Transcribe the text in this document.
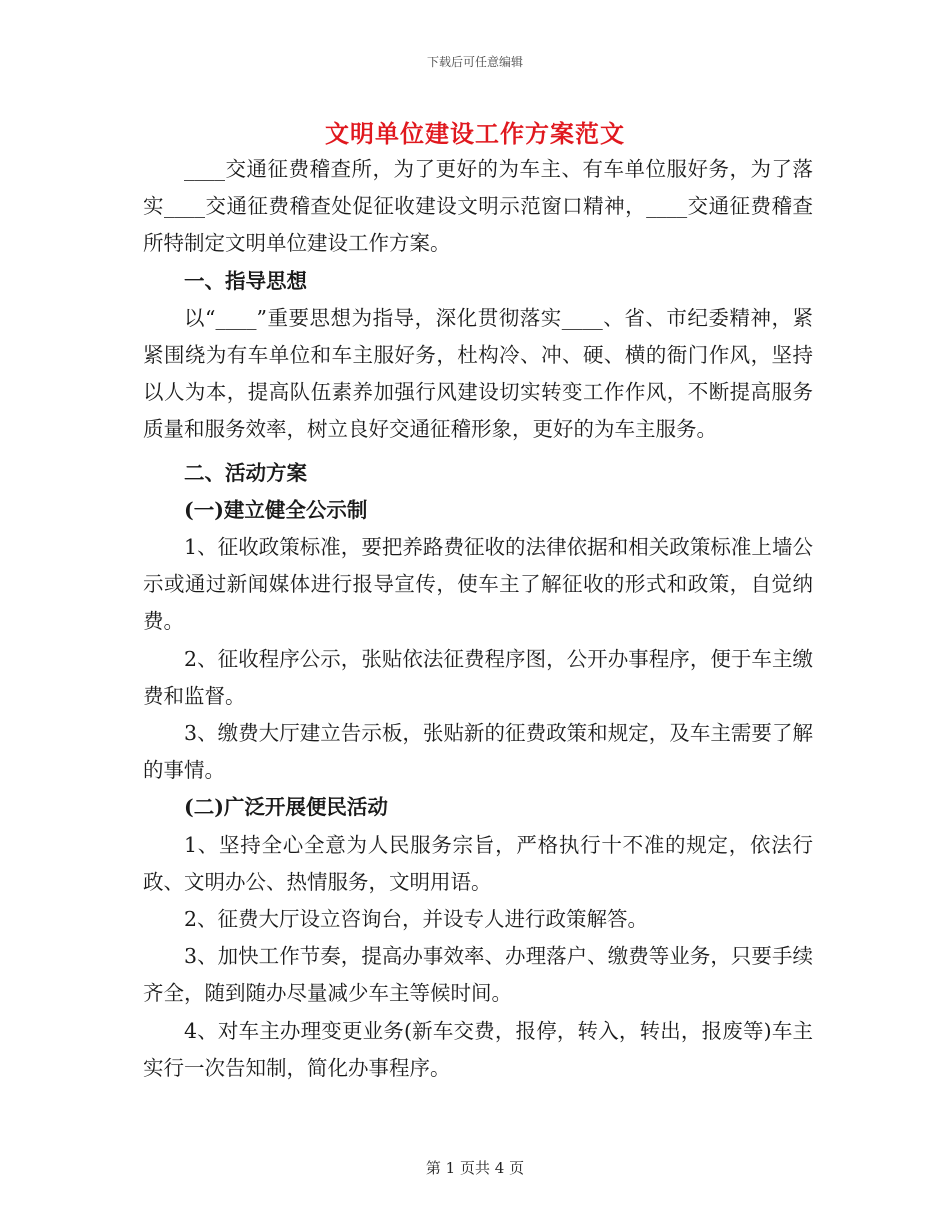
下载后可任意编辑
文明单位建设工作方案范文

____交通征费稽查所，为了更好的为车主、有车单位服好务，为了落实____交通征费稽查处促征收建设文明示范窗口精神，____交通征费稽查所特制定文明单位建设工作方案。

一、指导思想

以“____”重要思想为指导，深化贯彻落实____、省、市纪委精神，紧紧围绕为有车单位和车主服好务，杜构冷、冲、硬、横的衙门作风，坚持以人为本，提高队伍素养加强行风建设切实转变工作作风，不断提高服务质量和服务效率，树立良好交通征稽形象，更好的为车主服务。

二、活动方案

(一)建立健全公示制

1、征收政策标准，要把养路费征收的法律依据和相关政策标准上墙公示或通过新闻媒体进行报导宣传，使车主了解征收的形式和政策，自觉纳费。

2、征收程序公示，张贴依法征费程序图，公开办事程序，便于车主缴费和监督。

3、缴费大厅建立告示板，张贴新的征费政策和规定，及车主需要了解的事情。

(二)广泛开展便民活动

1、坚持全心全意为人民服务宗旨，严格执行十不准的规定，依法行政、文明办公、热情服务，文明用语。

2、征费大厅设立咨询台，并设专人进行政策解答。

3、加快工作节奏，提高办事效率、办理落户、缴费等业务，只要手续齐全，随到随办尽量减少车主等候时间。

4、对车主办理变更业务(新车交费，报停，转入，转出，报废等)车主实行一次告知制，简化办事程序。

第 1 页共 4 页
